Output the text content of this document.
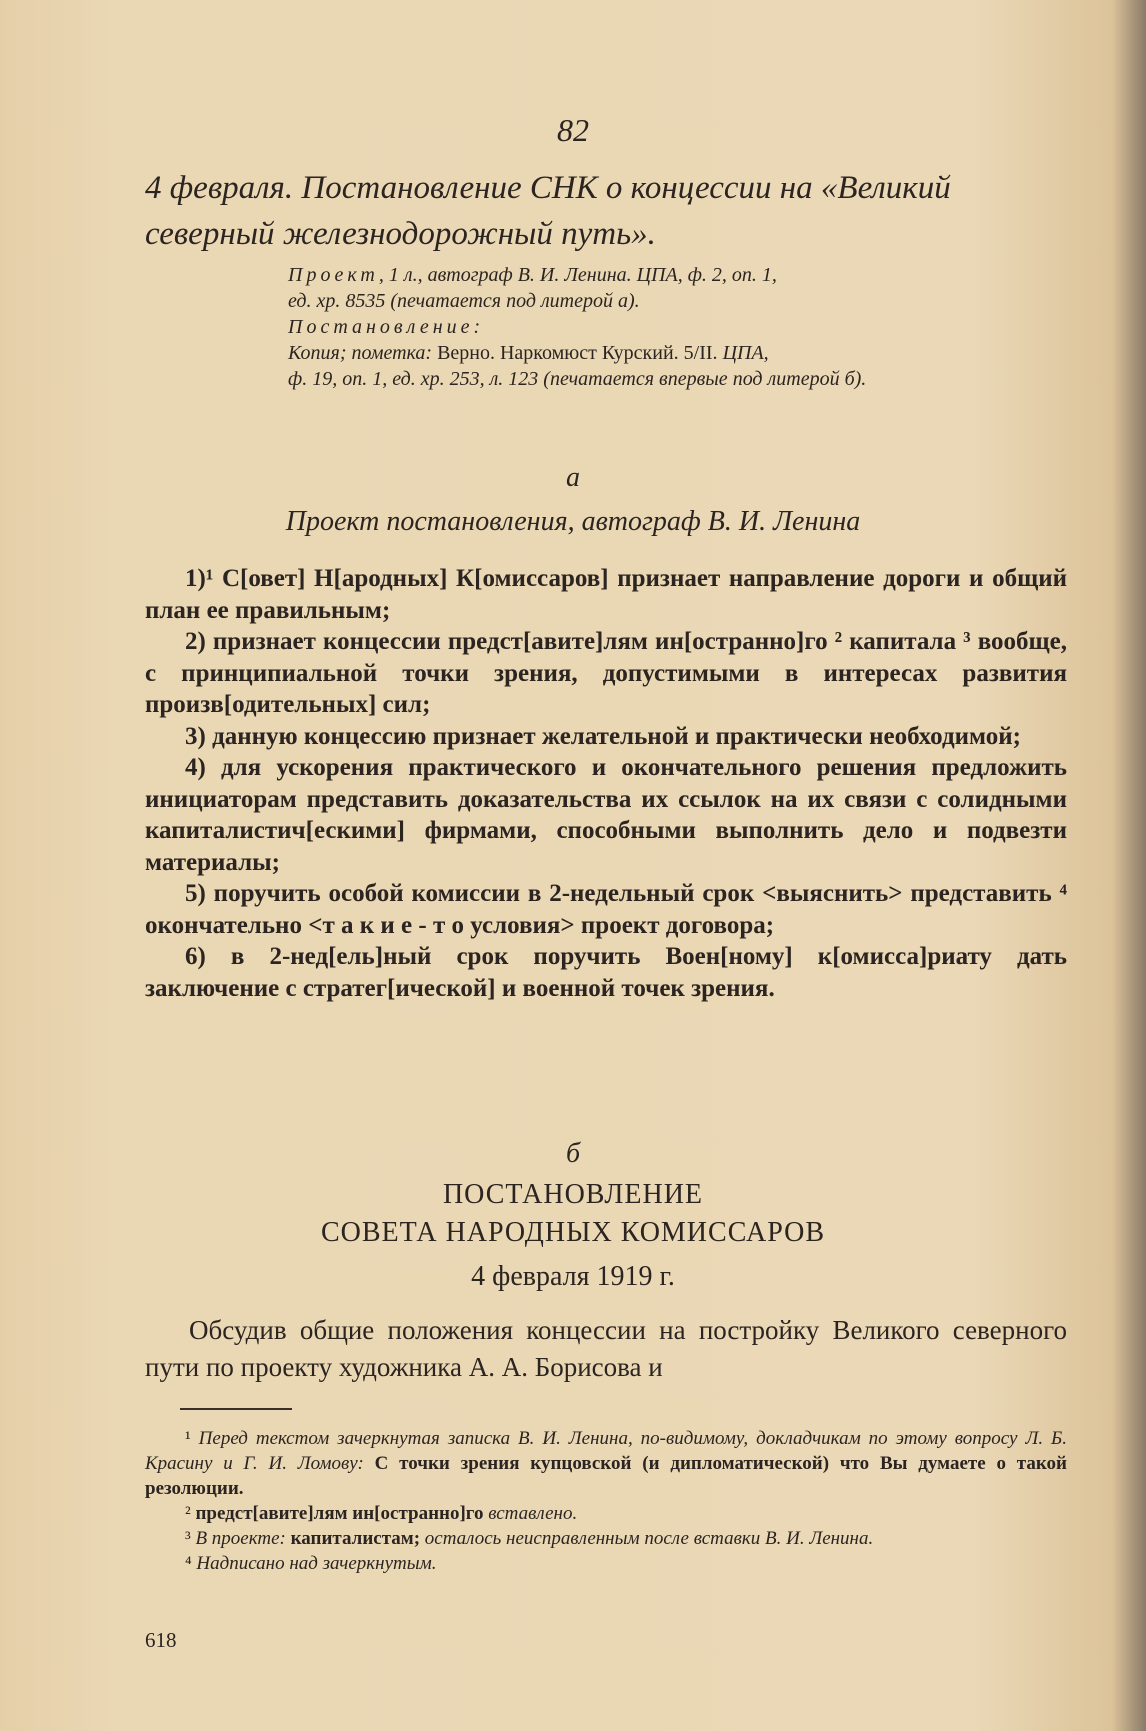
82
4 февраля. Постановление СНК о концессии на «Великий северный железнодорожный путь».
Проект, 1 л., автограф В. И. Ленина. ЦПА, ф. 2, оп. 1,
ед. хр. 8535 (печатается под литерой а).
Постановление:
Копия; пометка: Верно. Наркомюст Курский. 5/II. ЦПА,
ф. 19, оп. 1, ед. хр. 253, л. 123 (печатается впервые под литерой б).
а
Проект постановления, автограф В. И. Ленина

1)¹ С[овет] Н[ародных] К[омиссаров] признает направление дороги и общий план ее правильным;

2) признает концессии предст[авите]лям ин[остранно]го ² капитала ³ вообще, с принципиальной точки зрения, допустимыми в интересах развития произв[одительных] сил;

3) данную концессию признает желательной и практически необходимой;

4) для ускорения практического и окончательного решения предложить инициаторам представить доказательства их ссылок на их связи с солидными капиталистич[ескими] фирмами, способными выполнить дело и подвезти материалы;

5) поручить особой комиссии в 2-недельный срок <выяснить> представить ⁴ окончательно <т а к и е - т о условия> проект договора;

6) в 2-нед[ель]ный срок поручить Воен[ному] к[омисса]риату дать заключение с стратег[ической] и военной точек зрения.

б
ПОСТАНОВЛЕНИЕ
СОВЕТА НАРОДНЫХ КОМИССАРОВ
4 февраля 1919 г.

Обсудив общие положения концессии на постройку Великого северного пути по проекту художника А. А. Борисова и

¹ Перед текстом зачеркнутая записка В. И. Ленина, по-видимому, докладчикам по этому вопросу Л. Б. Красину и Г. И. Ломову: С точки зрения купцовской (и дипломатической) что Вы думаете о такой резолюции.

² предст[авите]лям ин[остранно]го вставлено.

³ В проекте: капиталистам; осталось неисправленным после вставки В. И. Ленина.

⁴ Надписано над зачеркнутым.

618
